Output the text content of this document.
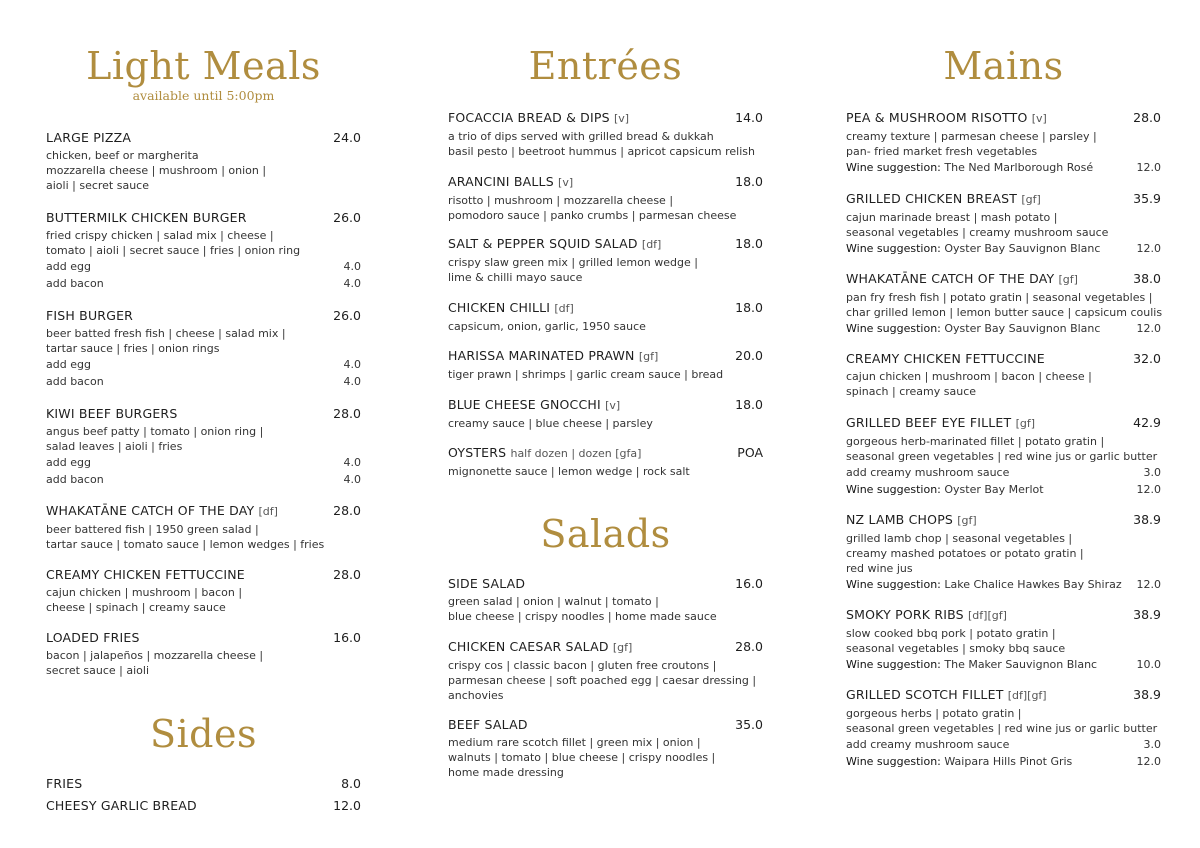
Light Meals
available until 5:00pm
LARGE PIZZA	24.0
chicken, beef or margherita
mozzarella cheese | mushroom | onion |
aioli | secret sauce
BUTTERMILK CHICKEN BURGER	26.0
fried crispy chicken | salad mix | cheese |
tomato | aioli | secret sauce | fries | onion ring
add egg	4.0
add bacon	4.0
FISH BURGER	26.0
beer batted fresh fish | cheese | salad mix |
tartar sauce | fries | onion rings
add egg	4.0
add bacon	4.0
KIWI BEEF BURGERS	28.0
angus beef patty | tomato | onion ring |
salad leaves | aioli | fries
add egg	4.0
add bacon	4.0
WHAKATĀNE CATCH OF THE DAY [df]	28.0
beer battered fish | 1950 green salad |
tartar sauce | tomato sauce | lemon wedges | fries
CREAMY CHICKEN FETTUCCINE	28.0
cajun chicken | mushroom | bacon |
cheese | spinach | creamy sauce
LOADED FRIES	16.0
bacon | jalapeños | mozzarella cheese |
secret sauce | aioli
Sides
FRIES	8.0
CHEESY GARLIC BREAD	12.0
Entrées
FOCACCIA BREAD & DIPS [v]	14.0
a trio of dips served with grilled bread & dukkah
basil pesto | beetroot hummus | apricot capsicum relish
ARANCINI BALLS [v]	18.0
risotto | mushroom | mozzarella cheese |
pomodoro sauce | panko crumbs | parmesan cheese
SALT & PEPPER SQUID SALAD [df]	18.0
crispy slaw green mix | grilled lemon wedge |
lime & chilli mayo sauce
CHICKEN CHILLI [df]	18.0
capsicum, onion, garlic, 1950 sauce
HARISSA MARINATED PRAWN [gf]	20.0
tiger prawn | shrimps | garlic cream sauce | bread
BLUE CHEESE GNOCCHI [v]	18.0
creamy sauce | blue cheese | parsley
OYSTERS half dozen | dozen [gfa]	POA
mignonette sauce | lemon wedge | rock salt
Salads
SIDE SALAD	16.0
green salad | onion | walnut | tomato |
blue cheese | crispy noodles | home made sauce
CHICKEN CAESAR SALAD [gf]	28.0
crispy cos | classic bacon | gluten free croutons |
parmesan cheese | soft poached egg | caesar dressing |
anchovies
BEEF SALAD	35.0
medium rare scotch fillet | green mix | onion |
walnuts | tomato | blue cheese | crispy noodles |
home made dressing
Mains
PEA & MUSHROOM RISOTTO [v]	28.0
creamy texture | parmesan cheese | parsley |
pan- fried market fresh vegetables
Wine suggestion: The Ned Marlborough Rosé	12.0
GRILLED CHICKEN BREAST [gf]	35.9
cajun marinade breast | mash potato |
seasonal vegetables | creamy mushroom sauce
Wine suggestion: Oyster Bay Sauvignon Blanc	12.0
WHAKATĀNE CATCH OF THE DAY [gf]	38.0
pan fry fresh fish | potato gratin | seasonal vegetables |
char grilled lemon | lemon butter sauce | capsicum coulis
Wine suggestion: Oyster Bay Sauvignon Blanc	12.0
CREAMY CHICKEN FETTUCCINE	32.0
cajun chicken | mushroom | bacon | cheese |
spinach | creamy sauce
GRILLED BEEF EYE FILLET [gf]	42.9
gorgeous herb-marinated fillet | potato gratin |
seasonal green vegetables | red wine jus or garlic butter
add creamy mushroom sauce	3.0
Wine suggestion: Oyster Bay Merlot	12.0
NZ LAMB CHOPS [gf]	38.9
grilled lamb chop | seasonal vegetables |
creamy mashed potatoes or potato gratin |
red wine jus
Wine suggestion: Lake Chalice Hawkes Bay Shiraz 12.0
SMOKY PORK RIBS [df][gf]	38.9
slow cooked bbq pork | potato gratin |
seasonal vegetables | smoky bbq sauce
Wine suggestion: The Maker Sauvignon Blanc	10.0
GRILLED SCOTCH FILLET [df][gf]	38.9
gorgeous herbs | potato gratin |
seasonal green vegetables | red wine jus or garlic butter
add creamy mushroom sauce	3.0
Wine suggestion: Waipara Hills Pinot Gris	12.0
